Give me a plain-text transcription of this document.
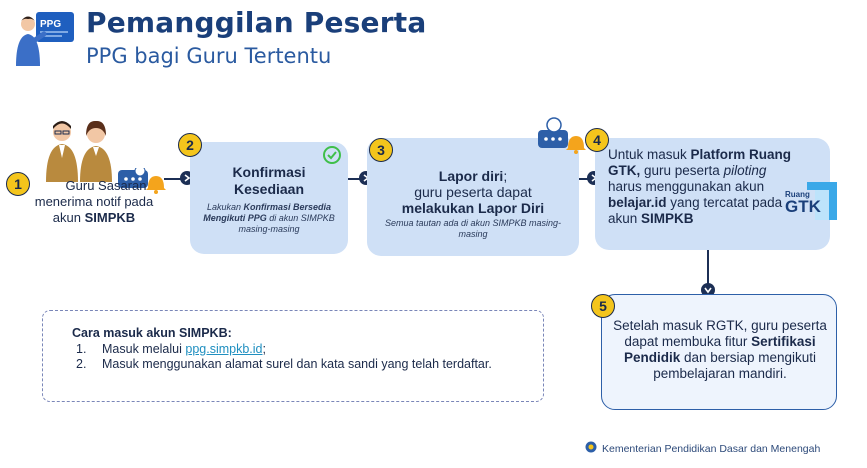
PPG Pemanggilan Peserta
PPG bagi Guru Tertentu
1	Guru Sasaran
menerima notif pada
akun SIMPKB
2
Konfirmasi
Kesediaan
Lakukan Konfirmasi Bersedia Mengikuti PPG di akun SIMPKB masing-masing
3
Lapor diri;
guru peserta dapat
melakukan Lapor Diri
Semua tautan ada di akun SIMPKB masing-masing
4
Untuk masuk Platform Ruang GTK, guru peserta piloting harus menggunakan akun belajar.id yang tercatat pada akun SIMPKB
Ruang
GTK
5
Setelah masuk RGTK, guru peserta dapat membuka fitur Sertifikasi Pendidik dan bersiap mengikuti pembelajaran mandiri.
Cara masuk akun SIMPKB:
1.	Masuk melalui ppg.simpkb.id;
2.	Masuk menggunakan alamat surel dan kata sandi yang telah terdaftar.
Kementerian Pendidikan Dasar dan Menengah
